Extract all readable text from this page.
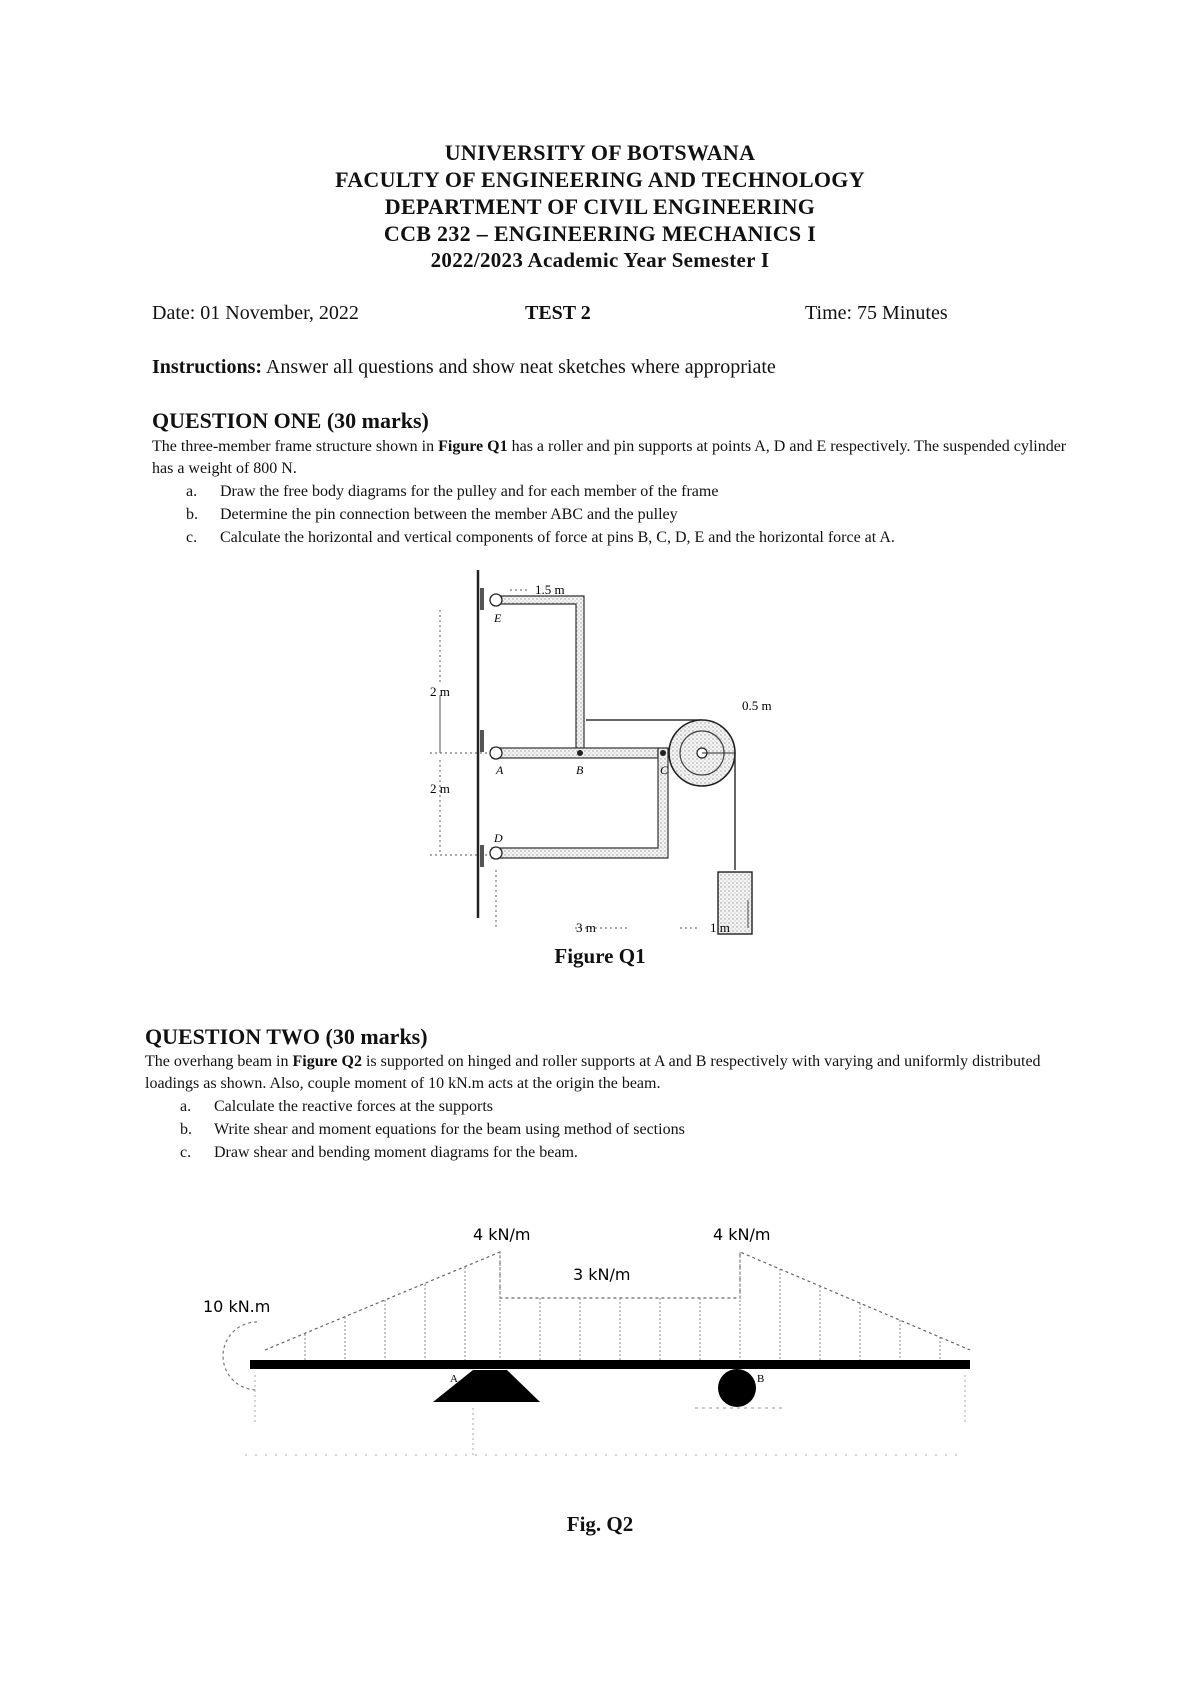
UNIVERSITY OF BOTSWANA
FACULTY OF ENGINEERING AND TECHNOLOGY
DEPARTMENT OF CIVIL ENGINEERING
CCB 232 – ENGINEERING MECHANICS I
2022/2023 Academic Year Semester I
Date: 01 November, 2022	TEST 2	Time: 75 Minutes
Instructions: Answer all questions and show neat sketches where appropriate
QUESTION ONE (30 marks)
The three-member frame structure shown in Figure Q1 has a roller and pin supports at points A, D and E respectively. The suspended cylinder has a weight of 800 N.
a. Draw the free body diagrams for the pulley and for each member of the frame
b. Determine the pin connection between the member ABC and the pulley
c. Calculate the horizontal and vertical components of force at pins B, C, D, E and the horizontal force at A.
1.5 m
2 m
2 m
0.5 m
3 m	1 m
E
A	B	C
D
Figure Q1
QUESTION TWO (30 marks)
The overhang beam in Figure Q2 is supported on hinged and roller supports at A and B respectively with varying and uniformly distributed loadings as shown. Also, couple moment of 10 kN.m acts at the origin the beam.
a. Calculate the reactive forces at the supports
b. Write shear and moment equations for the beam using method of sections
c. Draw shear and bending moment diagrams for the beam.
4 kN/m
3 kN/m
4 kN/m
10 kN.m
A	B
Fig. Q2
